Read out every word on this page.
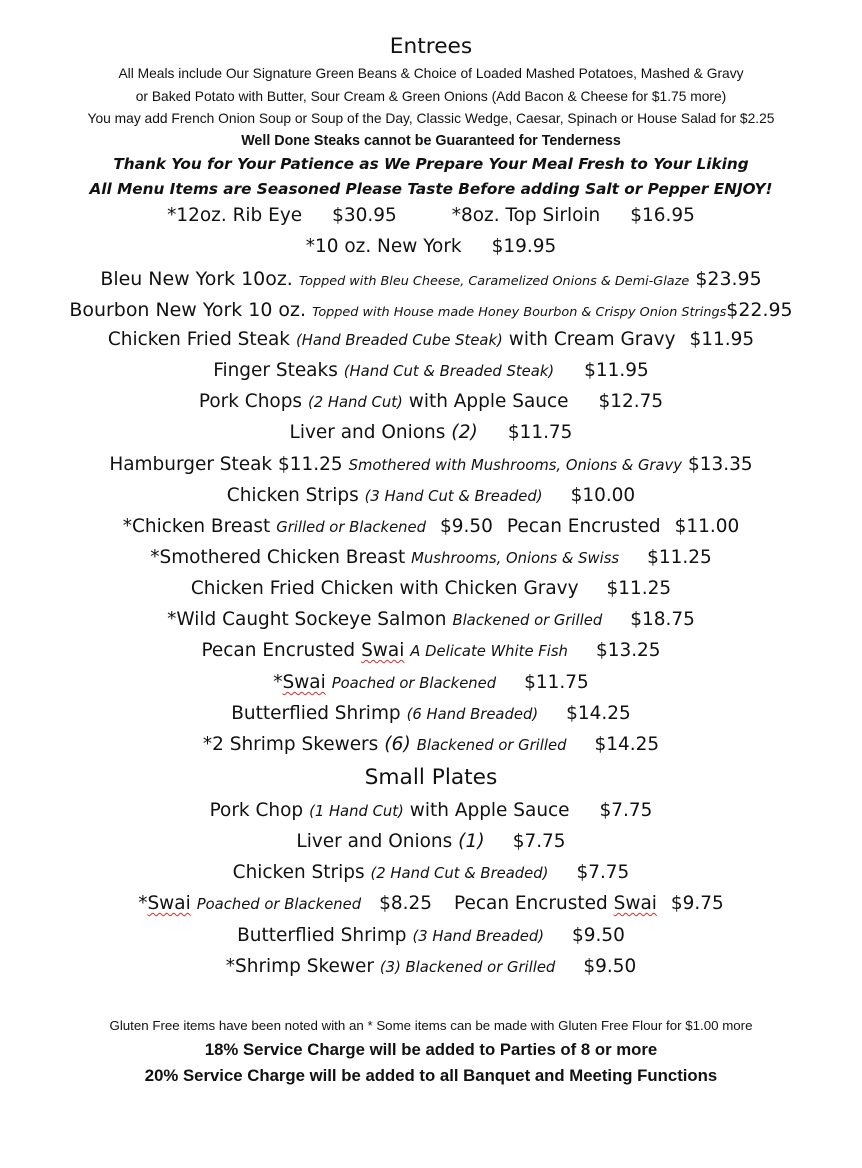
Entrees
All Meals include Our Signature Green Beans & Choice of Loaded Mashed Potatoes, Mashed & Gravy
or Baked Potato with Butter, Sour Cream & Green Onions (Add Bacon & Cheese for $1.75 more)
You may add French Onion Soup or Soup of the Day, Classic Wedge, Caesar, Spinach or House Salad for $2.25
Well Done Steaks cannot be Guaranteed for Tenderness
Thank You for Your Patience as We Prepare Your Meal Fresh to Your Liking
All Menu Items are Seasoned Please Taste Before adding Salt or Pepper ENJOY!
*12oz. Rib Eye $30.95	*8oz. Top Sirloin $16.95
*10 oz. New York $19.95
Bleu New York 10oz. Topped with Bleu Cheese, Caramelized Onions & Demi-Glaze $23.95
Bourbon New York 10 oz. Topped with House made Honey Bourbon & Crispy Onion Strings$22.95
Chicken Fried Steak (Hand Breaded Cube Steak) with Cream Gravy $11.95
Finger Steaks (Hand Cut & Breaded Steak) $11.95
Pork Chops (2 Hand Cut) with Apple Sauce $12.75
Liver and Onions (2) $11.75
Hamburger Steak $11.25 Smothered with Mushrooms, Onions & Gravy $13.35
Chicken Strips (3 Hand Cut & Breaded) $10.00
*Chicken Breast Grilled or Blackened $9.50 Pecan Encrusted $11.00
*Smothered Chicken Breast Mushrooms, Onions & Swiss $11.25
Chicken Fried Chicken with Chicken Gravy $11.25
*Wild Caught Sockeye Salmon Blackened or Grilled $18.75
Pecan Encrusted Swai A Delicate White Fish $13.25
*Swai Poached or Blackened $11.75
Butterflied Shrimp (6 Hand Breaded) $14.25
*2 Shrimp Skewers (6) Blackened or Grilled $14.25
Small Plates
Pork Chop (1 Hand Cut) with Apple Sauce $7.75
Liver and Onions (1) $7.75
Chicken Strips (2 Hand Cut & Breaded) $7.75
*Swai Poached or Blackened $8.25 Pecan Encrusted Swai $9.75
Butterflied Shrimp (3 Hand Breaded) $9.50
*Shrimp Skewer (3) Blackened or Grilled $9.50
Gluten Free items have been noted with an * Some items can be made with Gluten Free Flour for $1.00 more
18% Service Charge will be added to Parties of 8 or more
20% Service Charge will be added to all Banquet and Meeting Functions
